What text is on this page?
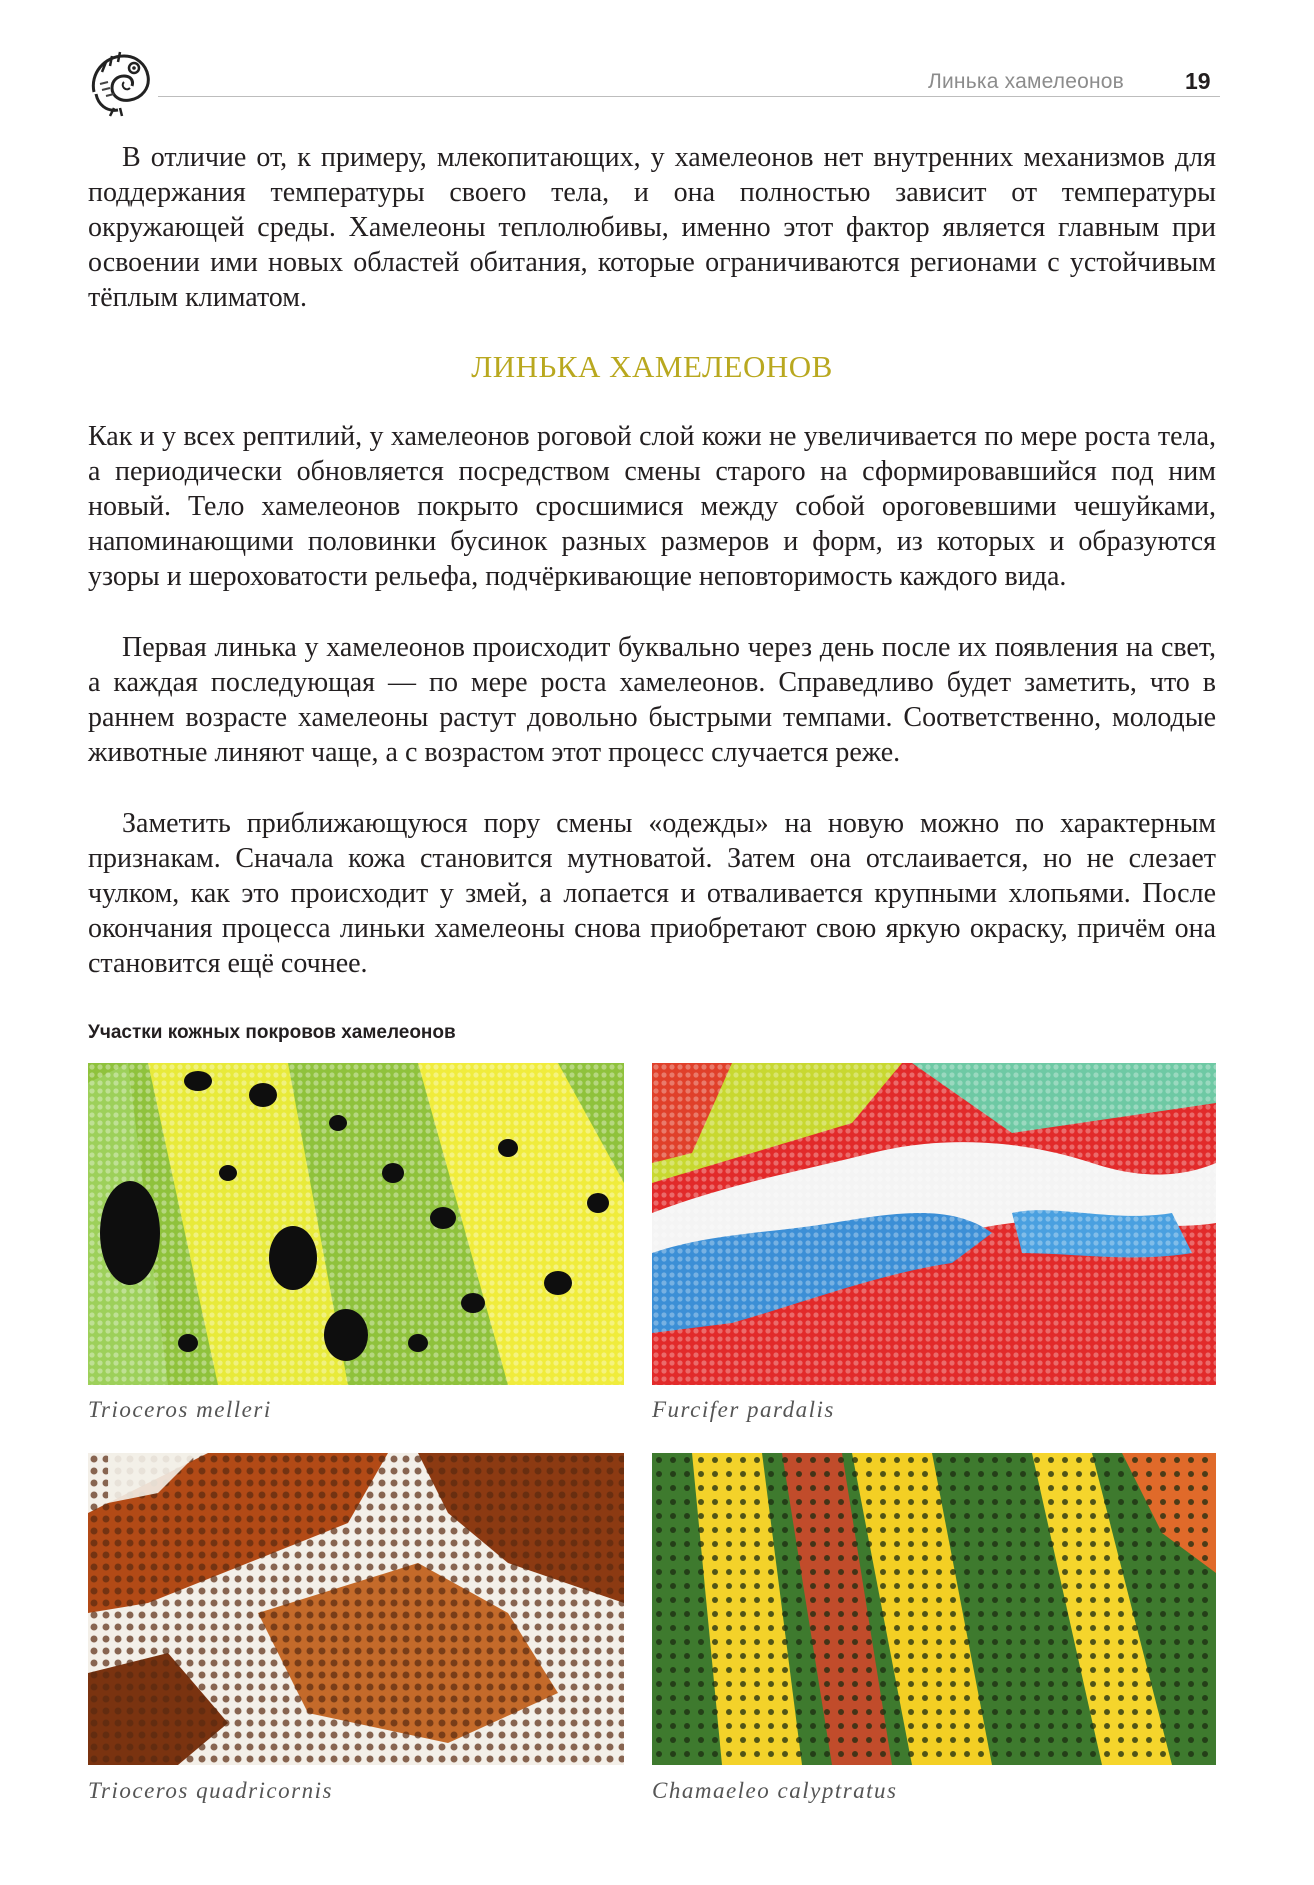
Линька хамелеонов	19

В отличие от, к примеру, млекопитающих, у хамелеонов нет внутренних механизмов для поддержания температуры своего тела, и она полностью зависит от температуры окружающей среды. Хамелеоны теплолюбивы, именно этот фактор является главным при освоении ими новых областей обитания, которые ограничиваются регионами с устойчивым тёплым климатом.

ЛИНЬКА ХАМЕЛЕОНОВ

Как и у всех рептилий, у хамелеонов роговой слой кожи не увеличивается по мере роста тела, а периодически обновляется посредством смены старого на сформировавшийся под ним новый. Тело хамелеонов покрыто сросшимися между собой ороговевшими чешуйками, напоминающими половинки бусинок разных размеров и форм, из которых и образуются узоры и шероховатости рельефа, подчёркивающие неповторимость каждого вида.

Первая линька у хамелеонов происходит буквально через день после их появления на свет, а каждая последующая — по мере роста хамелеонов. Справедливо будет заметить, что в раннем возрасте хамелеоны растут довольно быстрыми темпами. Соответственно, молодые животные линяют чаще, а с возрастом этот процесс случается реже.

Заметить приближающуюся пору смены «одежды» на новую можно по характерным признакам. Сначала кожа становится мутноватой. Затем она отслаивается, но не слезает чулком, как это происходит у змей, а лопается и отваливается крупными хлопьями. После окончания процесса линьки хамелеоны снова приобретают свою яркую окраску, причём она становится ещё сочнее.

Участки кожных покровов хамелеонов
Trioceros melleri	Furcifer pardalis
Trioceros quadricornis	Chamaeleo calyptratus
